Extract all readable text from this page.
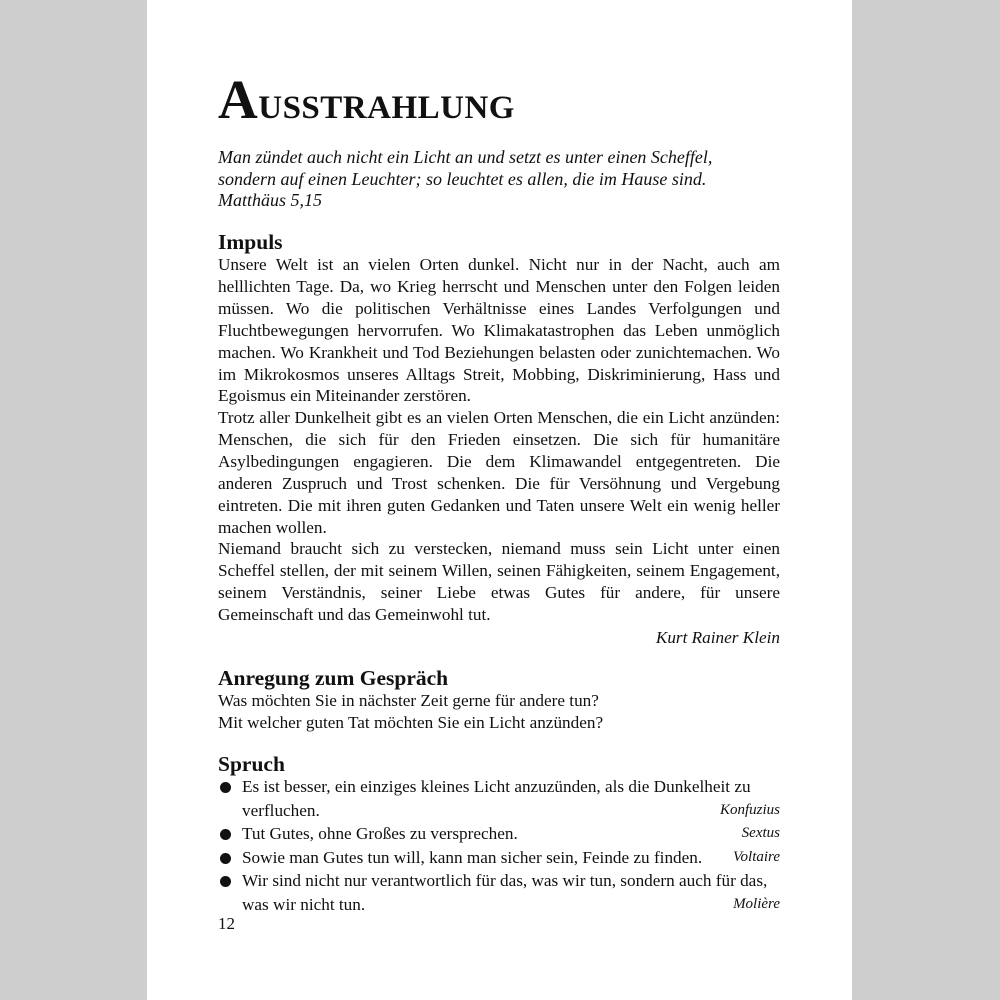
AUSSTRAHLUNG
Man zündet auch nicht ein Licht an und setzt es unter einen Scheffel,
sondern auf einen Leuchter; so leuchtet es allen, die im Hause sind.
Matthäus 5,15
Impuls
Unsere Welt ist an vielen Orten dunkel. Nicht nur in der Nacht, auch am helllichten Tage. Da, wo Krieg herrscht und Menschen unter den Folgen leiden müssen. Wo die politischen Verhältnisse eines Landes Verfolgungen und Fluchtbewegungen hervorrufen. Wo Klimakatastrophen das Leben unmöglich machen. Wo Krankheit und Tod Beziehungen belasten oder zunichtemachen. Wo im Mikrokosmos unseres Alltags Streit, Mobbing, Diskriminierung, Hass und Egoismus ein Miteinander zerstören.
Trotz aller Dunkelheit gibt es an vielen Orten Menschen, die ein Licht anzünden: Menschen, die sich für den Frieden einsetzen. Die sich für humanitäre Asylbedingungen engagieren. Die dem Klimawandel entgegentreten. Die anderen Zuspruch und Trost schenken. Die für Versöhnung und Vergebung eintreten. Die mit ihren guten Gedanken und Taten unsere Welt ein wenig heller machen wollen.
Niemand braucht sich zu verstecken, niemand muss sein Licht unter einen Scheffel stellen, der mit seinem Willen, seinen Fähigkeiten, seinem Engagement, seinem Verständnis, seiner Liebe etwas Gutes für andere, für unsere Gemeinschaft und das Gemeinwohl tut.
Kurt Rainer Klein
Anregung zum Gespräch
Was möchten Sie in nächster Zeit gerne für andere tun?
Mit welcher guten Tat möchten Sie ein Licht anzünden?
Spruch
Es ist besser, ein einziges kleines Licht anzuzünden, als die Dunkelheit zu verfluchen.	Konfuzius
Tut Gutes, ohne Großes zu versprechen.	Sextus
Sowie man Gutes tun will, kann man sicher sein, Feinde zu finden. Voltaire
Wir sind nicht nur verantwortlich für das, was wir tun, sondern auch für das, was wir nicht tun.	Molière
12
